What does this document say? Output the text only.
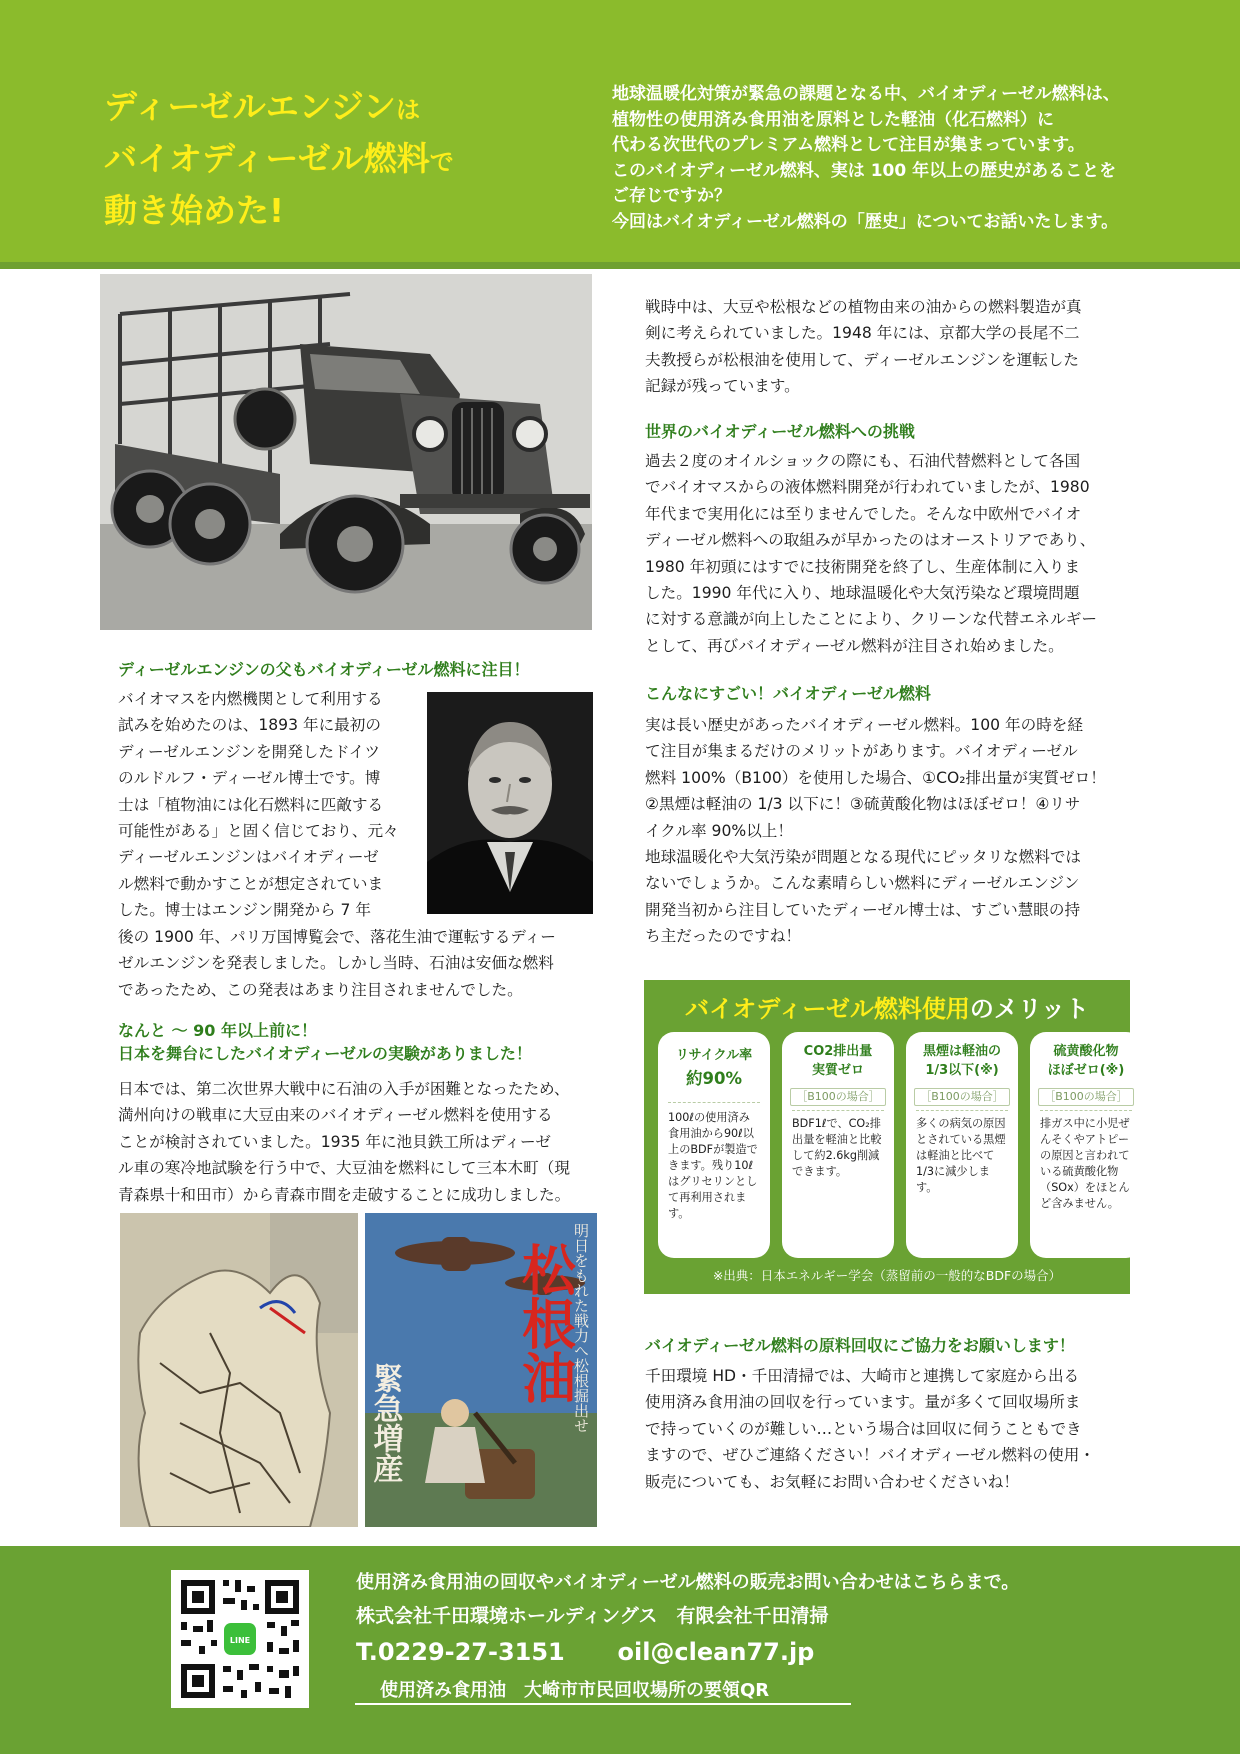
ディーゼルエンジンは
バイオディーゼル燃料で
動き始めた!
地球温暖化対策が緊急の課題となる中、バイオディーゼル燃料は、
植物性の使用済み食用油を原料とした軽油（化石燃料）に
代わる次世代のプレミアム燃料として注目が集まっています。
このバイオディーゼル燃料、実は 100 年以上の歴史があることを
ご存じですか？
今回はバイオディーゼル燃料の「歴史」についてお話いたします。
ディーゼルエンジンの父もバイオディーゼル燃料に注目！
バイオマスを内燃機関として利用する
試みを始めたのは、1893 年に最初の
ディーゼルエンジンを開発したドイツ
のルドルフ・ディーゼル博士です。博
士は「植物油には化石燃料に匹敵する
可能性がある」と固く信じており、元々
ディーゼルエンジンはバイオディーゼ
ル燃料で動かすことが想定されていま
した。博士はエンジン開発から 7 年
後の 1900 年、パリ万国博覧会で、落花生油で運転するディー
ゼルエンジンを発表しました。しかし当時、石油は安価な燃料
であったため、この発表はあまり注目されませんでした。
なんと ～ 90 年以上前に！
日本を舞台にしたバイオディーゼルの実験がありました！
日本では、第二次世界大戦中に石油の入手が困難となったため、
満州向けの戦車に大豆由来のバイオディーゼル燃料を使用する
ことが検討されていました。1935 年に池貝鉄工所はディーゼ
ル車の寒冷地試験を行う中で、大豆油を燃料にして三本木町（現
青森県十和田市）から青森市間を走破することに成功しました。
緊急増産
松根油
明日をもれた戦力へ松根掘出せ
戦時中は、大豆や松根などの植物由来の油からの燃料製造が真
剣に考えられていました。1948 年には、京都大学の長尾不二
夫教授らが松根油を使用して、ディーゼルエンジンを運転した
記録が残っています。
世界のバイオディーゼル燃料への挑戦
過去２度のオイルショックの際にも、石油代替燃料として各国
でバイオマスからの液体燃料開発が行われていましたが、1980
年代まで実用化には至りませんでした。そんな中欧州でバイオ
ディーゼル燃料への取組みが早かったのはオーストリアであり、
1980 年初頭にはすでに技術開発を終了し、生産体制に入りま
した。1990 年代に入り、地球温暖化や大気汚染など環境問題
に対する意識が向上したことにより、クリーンな代替エネルギー
として、再びバイオディーゼル燃料が注目され始めました。
こんなにすごい！バイオディーゼル燃料
実は長い歴史があったバイオディーゼル燃料。100 年の時を経
て注目が集まるだけのメリットがあります。バイオディーゼル
燃料 100%（B100）を使用した場合、①CO₂排出量が実質ゼロ！
②黒煙は軽油の 1/3 以下に！③硫黄酸化物はほぼゼロ！④リサ
イクル率 90%以上！
地球温暖化や大気汚染が問題となる現代にピッタリな燃料では
ないでしょうか。こんな素晴らしい燃料にディーゼルエンジン
開発当初から注目していたディーゼル博士は、すごい慧眼の持
ち主だったのですね！
バイオディーゼル燃料使用のメリット
リサイクル率
約90%
100ℓの使用済み食用油から90ℓ以上のBDFが製造できます。残り10ℓはグリセリンとして再利用されます。
CO2排出量
実質ゼロ
［B100の場合］
BDF1ℓで、CO₂排出量を軽油と比較して約2.6kg削減できます。
黒煙は軽油の
1/3以下(※)
［B100の場合］
多くの病気の原因とされている黒煙は軽油と比べて1/3に減少します。
硫黄酸化物
ほぼゼロ(※)
［B100の場合］
排ガス中に小児ぜんそくやアトピーの原因と言われている硫黄酸化物（SOx）をほとんど含みません。
※出典：日本エネルギー学会（蒸留前の一般的なBDFの場合）
バイオディーゼル燃料の原料回収にご協力をお願いします！
千田環境 HD・千田清掃では、大崎市と連携して家庭から出る
使用済み食用油の回収を行っています。量が多くて回収場所ま
で持っていくのが難しい…という場合は回収に伺うこともでき
ますので、ぜひご連絡ください！バイオディーゼル燃料の使用・
販売についても、お気軽にお問い合わせくださいね！
LINE
使用済み食用油の回収やバイオディーゼル燃料の販売お問い合わせはこちらまで。
株式会社千田環境ホールディングス　有限会社千田清掃
T.0229-27-3151 oil@clean77.jp
使用済み食用油　大崎市市民回収場所の要領QR
